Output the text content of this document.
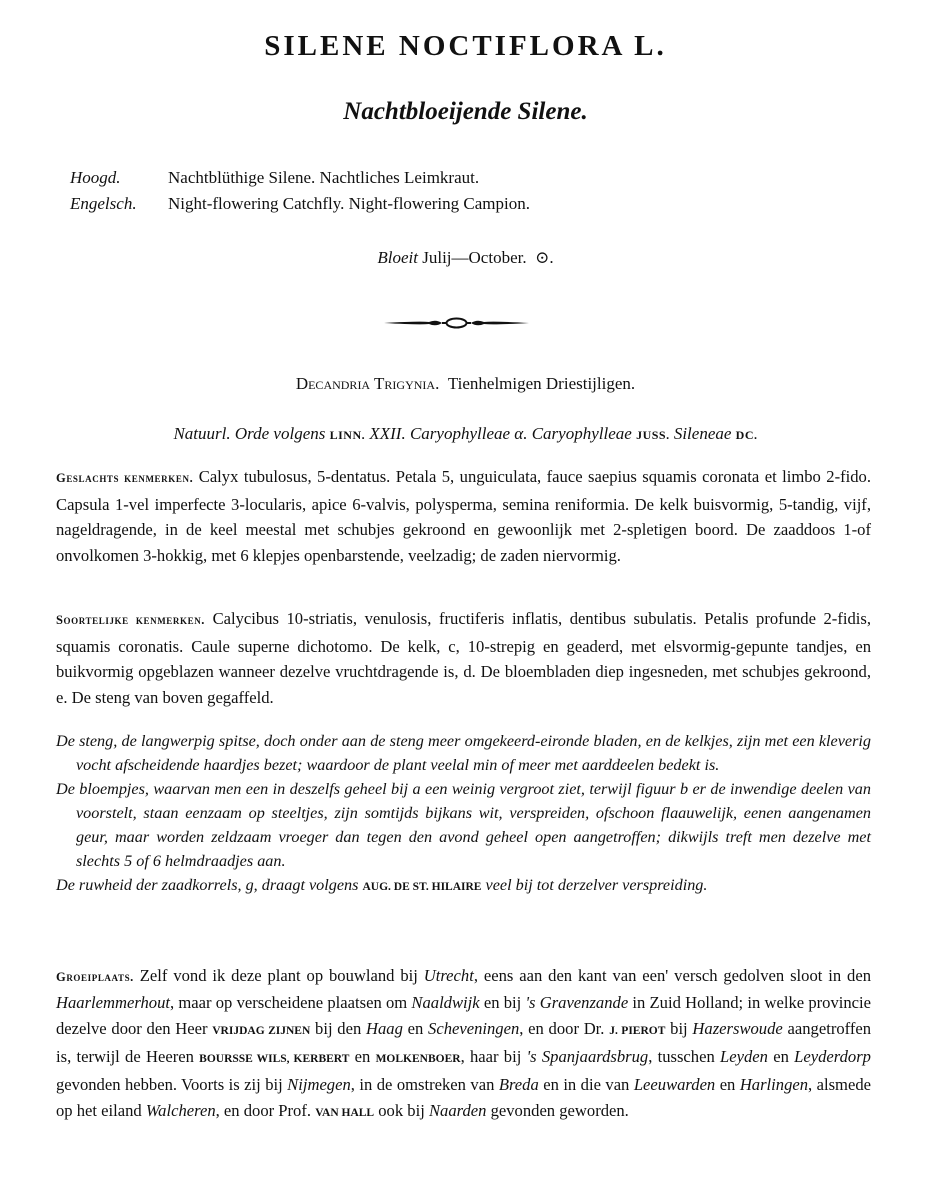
SILENE NOCTIFLORA L.
Nachtbloeijende Silene.
Hoogd.	Nachtblüthige Silene. Nachtliches Leimkraut.
Engelsch. Night-flowering Catchfly. Night-flowering Campion.
Bloeit Julij—October. ⊙.
Decandria Trigynia. Tienhelmigen Driestijligen.
Natuurl. Orde volgens LINN. XXII. Caryophylleae α. Caryophylleae JUSS. Sileneae DC.
Geslachts kenmerken. Calyx tubulosus, 5-dentatus. Petala 5, unguiculata, fauce saepius squamis coronata et limbo 2-fido. Capsula 1-vel imperfecte 3-locularis, apice 6-valvis, polysperma, semina reniformia. De kelk buisvormig, 5-tandig, vijf, nageldragende, in de keel meestal met schubjes gekroond en gewoonlijk met 2-spletigen boord. De zaaddoos 1-of onvolkomen 3-hokkig, met 6 klepjes openbarstende, veelzadig; de zaden niervormig.
Soortelijke kenmerken. Calycibus 10-striatis, venulosis, fructiferis inflatis, dentibus subulatis. Petalis profunde 2-fidis, squamis coronatis. Caule superne dichotomo. De kelk, c, 10-strepig en geaderd, met elsvormig-gepunte tandjes, en buikvormig opgeblazen wanneer dezelve vruchtdragende is, d. De bloembladen diep ingesneden, met schubjes gekroond, e. De steng van boven gegaffeld.

De steng, de langwerpig spitse, doch onder aan de steng meer omgekeerd-eironde bladen, en de kelkjes, zijn met een kleverig vocht afscheidende haardjes bezet; waardoor de plant veelal min of meer met aarddeelen bedekt is.

De bloempjes, waarvan men een in deszelfs geheel bij a een weinig vergroot ziet, terwijl figuur b er de inwendige deelen van voorstelt, staan eenzaam op steeltjes, zijn somtijds bijkans wit, verspreiden, ofschoon flaauwelijk, eenen aangenamen geur, maar worden zeldzaam vroeger dan tegen den avond geheel open aangetroffen; dikwijls treft men dezelve met slechts 5 of 6 helmdraadjes aan.

De ruwheid der zaadkorrels, g, draagt volgens AUG. DE ST. HILAIRE veel bij tot derzelver verspreiding.

Groeiplaats. Zelf vond ik deze plant op bouwland bij Utrecht, eens aan den kant van een' versch gedolven sloot in den Haarlemmerhout, maar op verscheidene plaatsen om Naaldwijk en bij 's Gravenzande in Zuid Holland; in welke provincie dezelve door den Heer VRIJDAG ZIJNEN bij den Haag en Scheveningen, en door Dr. J. PIEROT bij Hazerswoude aangetroffen is, terwijl de Heeren BOURSSE WILS, KERBERT en MOLKENBOER, haar bij 's Spanjaardsbrug, tusschen Leyden en Leyderdorp gevonden hebben. Voorts is zij bij Nijmegen, in de omstreken van Breda en in die van Leeuwarden en Harlingen, alsmede op het eiland Walcheren, en door Prof. VAN HALL ook bij Naarden gevonden geworden.
